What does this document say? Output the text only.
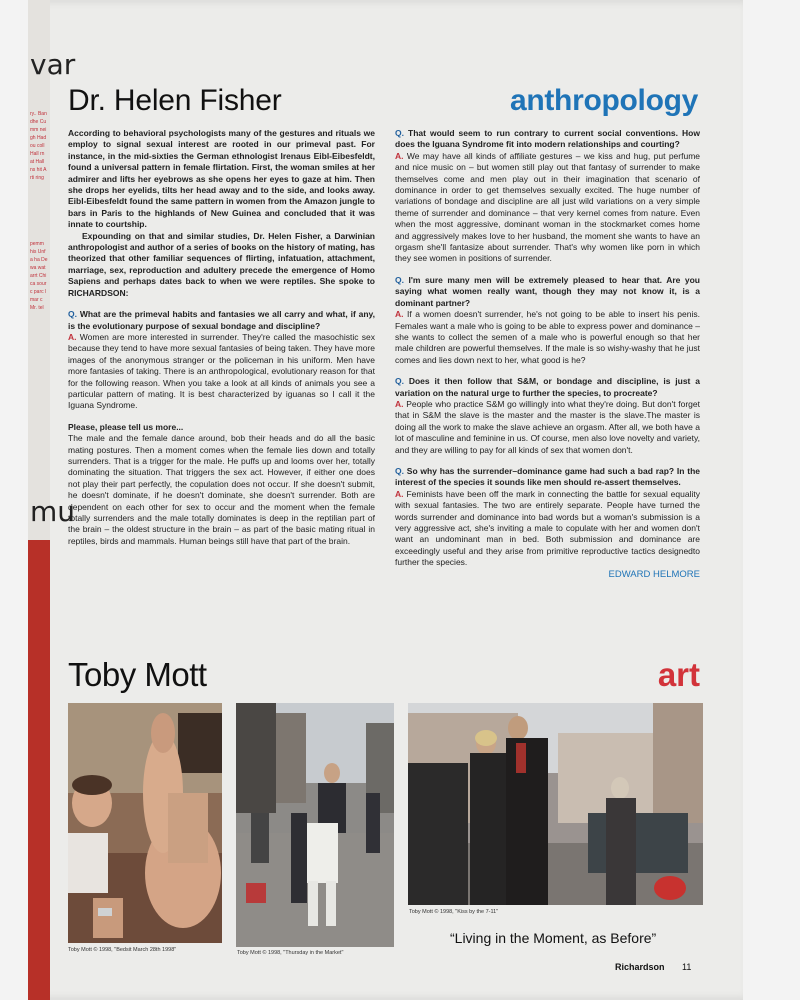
var
ry.. Bandhe Cumm neigh Hadou coll Hall rn at Hall ns hit Arti ring
pemm his Unfa ha Dewa wat arrt Chica sourc parc lmar c Mr. tel
mu
Dr. Helen Fisher	anthropology

According to behavioral psychologists many of the gestures and rituals we employ to signal sexual interest are rooted in our primeval past. For instance, in the mid-sixties the German ethnologist Irenaus Eibl-Eibesfeldt, found a universal pattern in female flirtation. First, the woman smiles at her admirer and lifts her eyebrows as she opens her eyes to gaze at him. Then she drops her eyelids, tilts her head away and to the side, and looks away. Eibl-Eibesfeldt found the same pattern in women from the Amazon jungle to bars in Paris to the highlands of New Guinea and concluded that it was innate to courtship.

Expounding on that and similar studies, Dr. Helen Fisher, a Darwinian anthropologist and author of a series of books on the history of mating, has theorized that other familiar sequences of flirting, infatuation, attachment, marriage, sex, reproduction and adultery precede the emergence of Homo Sapiens and perhaps dates back to when we were reptiles. She spoke to RICHARDSON:

Q. What are the primeval habits and fantasies we all carry and what, if any, is the evolutionary purpose of sexual bondage and discipline?

A. Women are more interested in surrender. They're called the masochistic sex because they tend to have more sexual fantasies of being taken. They have more images of the anonymous stranger or the policeman in his uniform. Men have more fantasies of taking. There is an anthropological, evolutionary reason for that for the following reason. When you take a look at all kinds of animals you see a particular pattern of mating. It is best characterized by iguanas so I call it the Iguana Syndrome.

Please, please tell us more...

The male and the female dance around, bob their heads and do all the basic mating postures. Then a moment comes when the female lies down and totally surrenders. That is a trigger for the male. He puffs up and looms over her, totally dominating the situation. That triggers the sex act. However, if either one does not play their part perfectly, the copulation does not occur. If she doesn't submit, he doesn't dominate, if he doesn't dominate, she doesn't surrender. Both are dependent on each other for sex to occur and the moment when the female totally surrenders and the male totally dominates is deep in the reptilian part of the brain – the oldest structure in the brain – as part of the basic mating ritual in reptiles, birds and mammals. Human beings still have that part of the brain.

Q. That would seem to run contrary to current social conventions. How does the Iguana Syndrome fit into modern relationships and courting?

A. We may have all kinds of affiliate gestures – we kiss and hug, put perfume and nice music on – but women still play out that fantasy of surrender to make themselves come and men play out in their imagination that scenario of dominance in order to get themselves sexually excited. The huge number of variations of bondage and discipline are all just wild variations on a very simple theme of surrender and dominance – that very kernel comes from nature. Even when the most aggressive, dominant woman in the stockmarket comes home and aggressively makes love to her husband, the moment she wants to have an orgasm she'll fantasize about surrender. That's why women like porn in which they see women in positions of surrender.

Q. I'm sure many men will be extremely pleased to hear that. Are you saying what women really want, though they may not know it, is a dominant partner?

A. If a women doesn't surrender, he's not going to be able to insert his penis. Females want a male who is going to be able to express power and dominance – she wants to collect the semen of a male who is powerful enough so that her male children are powerful themselves. If the male is so wishy-washy that he just comes and lies down next to her, what good is he?

Q. Does it then follow that S&M, or bondage and discipline, is just a variation on the natural urge to further the species, to procreate?

A. People who practice S&M go willingly into what they're doing. But don't forget that in S&M the slave is the master and the master is the slave.The master is doing all the work to make the slave achieve an orgasm. After all, we both have a lot of masculine and feminine in us. Of course, men also love novelty and variety, and they are willing to pay for all kinds of sex that women don't.

Q. So why has the surrender–dominance game had such a bad rap? In the interest of the species it sounds like men should re-assert themselves.

A. Feminists have been off the mark in connecting the battle for sexual equality with sexual fantasies. The two are entirely separate. People have turned the words surrender and dominance into bad words but a woman's submission is a very aggressive act, she's inviting a male to copulate with her and women don't want an undominant man in bed. Both submission and dominance are exceedingly useful and they arise from primitive reproductive tactics designedto further the species.

EDWARD HELMORE

Toby Mott	art
Toby Mott © 1998, "Bedsit March 28th 1998"	Toby Mott © 1998, "Thursday in the Market"
Toby Mott © 1998, "Kiss by the 7-11"
“Living in the Moment, as Before”
Richardson 11
